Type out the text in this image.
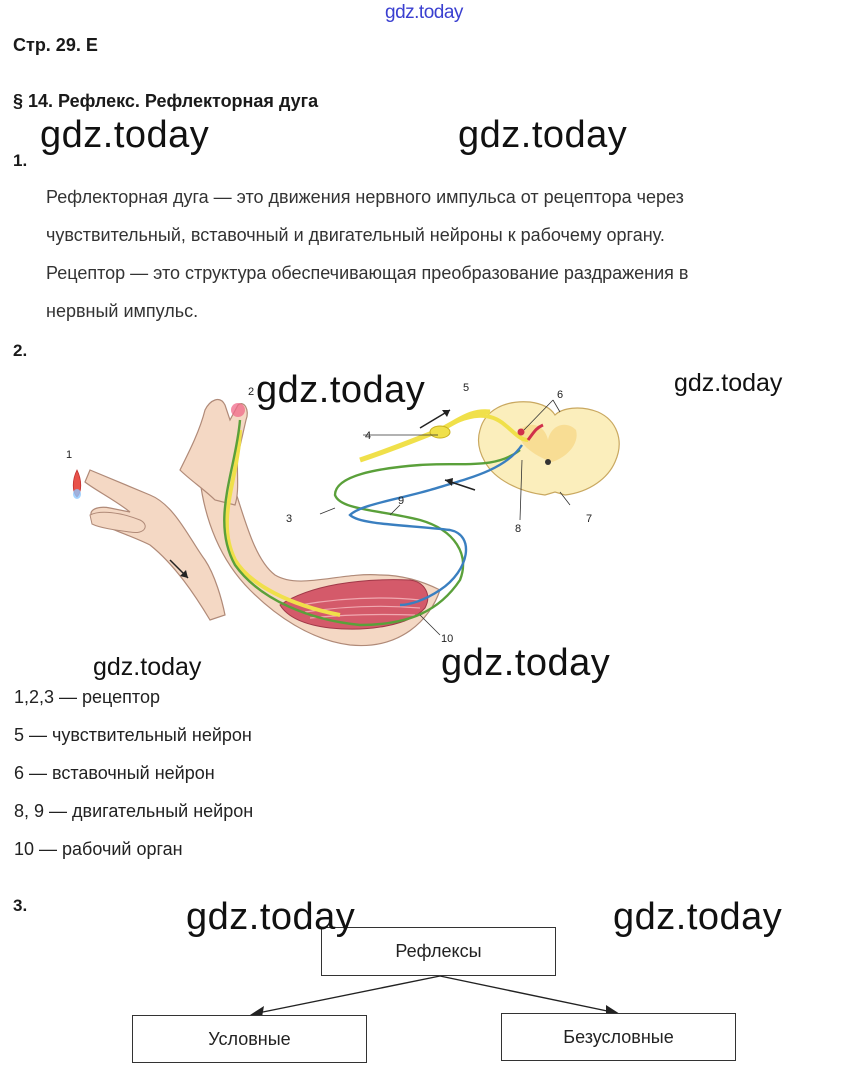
gdz.today
Стр. 29. Е
§ 14. Рефлекс. Рефлекторная дуга
gdz.today	gdz.today
1.
Рефлекторная дуга — это движения нервного импульса от рецептора через
чувствительный, вставочный и двигательный нейроны к рабочему органу.
Рецептор — это структура обеспечивающая преобразование раздражения в
нервный импульс.
2.
1
2
3
4
5
6
7
8
9
10
gdz.today	gdz.today
gdz.today	gdz.today
1,2,3 — рецептор
5 — чувствительный нейрон
6 — вставочный нейрон
8, 9 — двигательный нейрон
10 — рабочий орган
3.
Рефлексы
Условные	Безусловные
gdz.today	gdz.today
